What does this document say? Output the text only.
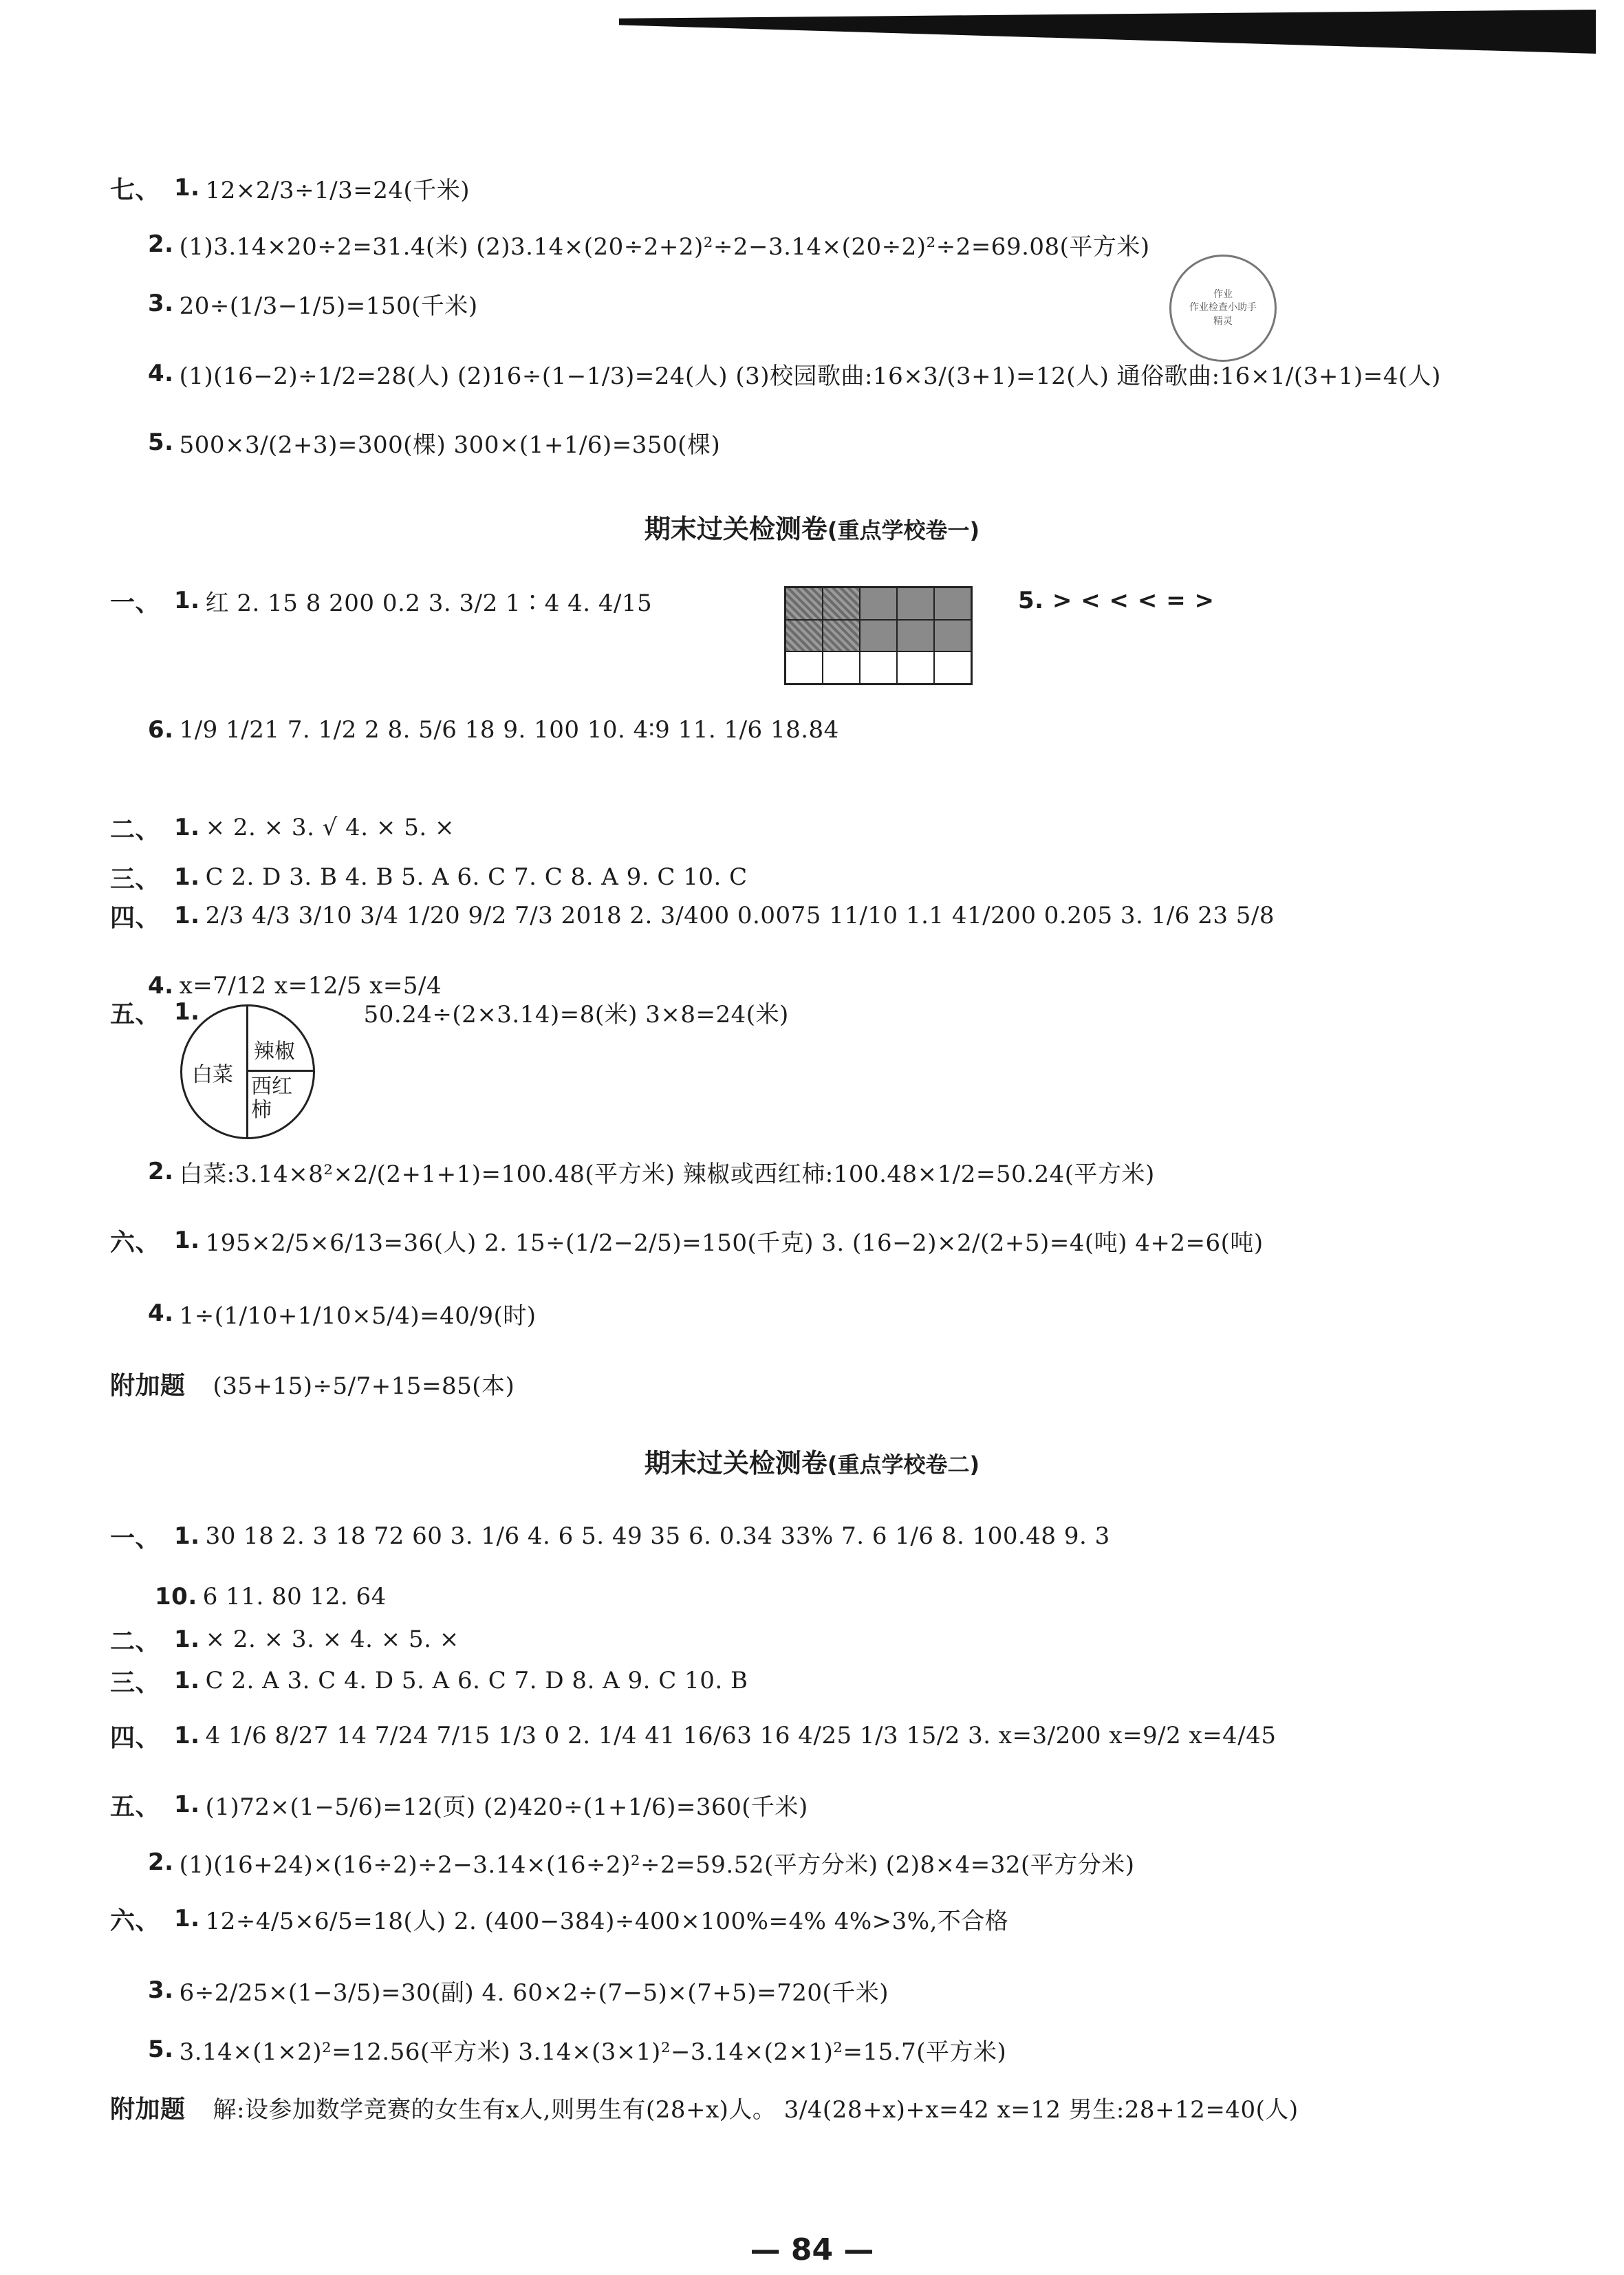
作业
作业检查小助手
精灵
七、 1. 12×2/3÷1/3=24(千米)
2. (1)3.14×20÷2=31.4(米) (2)3.14×(20÷2+2)²÷2−3.14×(20÷2)²÷2=69.08(平方米)
3. 20÷(1/3−1/5)=150(千米)
4. (1)(16−2)÷1/2=28(人) (2)16÷(1−1/3)=24(人) (3)校园歌曲:16×3/(3+1)=12(人) 通俗歌曲:16×1/(3+1)=4(人)
5. 500×3/(2+3)=300(棵) 300×(1+1/6)=350(棵)
期末过关检测卷(重点学校卷一)
一、 1. 红 2. 15 8 200 0.2 3. 3/2 1∶4 4. 4/15	5. > < < < = >
6. 1/9 1/21 7. 1/2 2 8. 5/6 18 9. 100 10. 4∶9 11. 1/6 18.84
二、 1. × 2. × 3. √ 4. × 5. ×
三、 1. C 2. D 3. B 4. B 5. A 6. C 7. C 8. A 9. C 10. C
四、 1. 2/3 4/3 3/10 3/4 1/20 9/2 7/3 2018 2. 3/400 0.0075 11/10 1.1 41/200 0.205 3. 1/6 23 5/8
4. x=7/12 x=12/5 x=5/4
五、 1.	50.24÷(2×3.14)=8(米) 3×8=24(米)
白菜
辣椒
西红柿
2. 白菜:3.14×8²×2/(2+1+1)=100.48(平方米) 辣椒或西红柿:100.48×1/2=50.24(平方米)
六、 1. 195×2/5×6/13=36(人) 2. 15÷(1/2−2/5)=150(千克) 3. (16−2)×2/(2+5)=4(吨) 4+2=6(吨)
4. 1÷(1/10+1/10×5/4)=40/9(时)
附加题 (35+15)÷5/7+15=85(本)
期末过关检测卷(重点学校卷二)
一、 1. 30 18 2. 3 18 72 60 3. 1/6 4. 6 5. 49 35 6. 0.34 33% 7. 6 1/6 8. 100.48 9. 3
10. 6 11. 80 12. 64
二、 1. × 2. × 3. × 4. × 5. ×
三、 1. C 2. A 3. C 4. D 5. A 6. C 7. D 8. A 9. C 10. B
四、 1. 4 1/6 8/27 14 7/24 7/15 1/3 0 2. 1/4 41 16/63 16 4/25 1/3 15/2 3. x=3/200 x=9/2 x=4/45
五、 1. (1)72×(1−5/6)=12(页) (2)420÷(1+1/6)=360(千米)
2. (1)(16+24)×(16÷2)÷2−3.14×(16÷2)²÷2=59.52(平方分米) (2)8×4=32(平方分米)
六、 1. 12÷4/5×6/5=18(人) 2. (400−384)÷400×100%=4% 4%>3%,不合格
3. 6÷2/25×(1−3/5)=30(副) 4. 60×2÷(7−5)×(7+5)=720(千米)
5. 3.14×(1×2)²=12.56(平方米) 3.14×(3×1)²−3.14×(2×1)²=15.7(平方米)
附加题 解:设参加数学竞赛的女生有x人,则男生有(28+x)人。 3/4(28+x)+x=42 x=12 男生:28+12=40(人)
— 84 —
